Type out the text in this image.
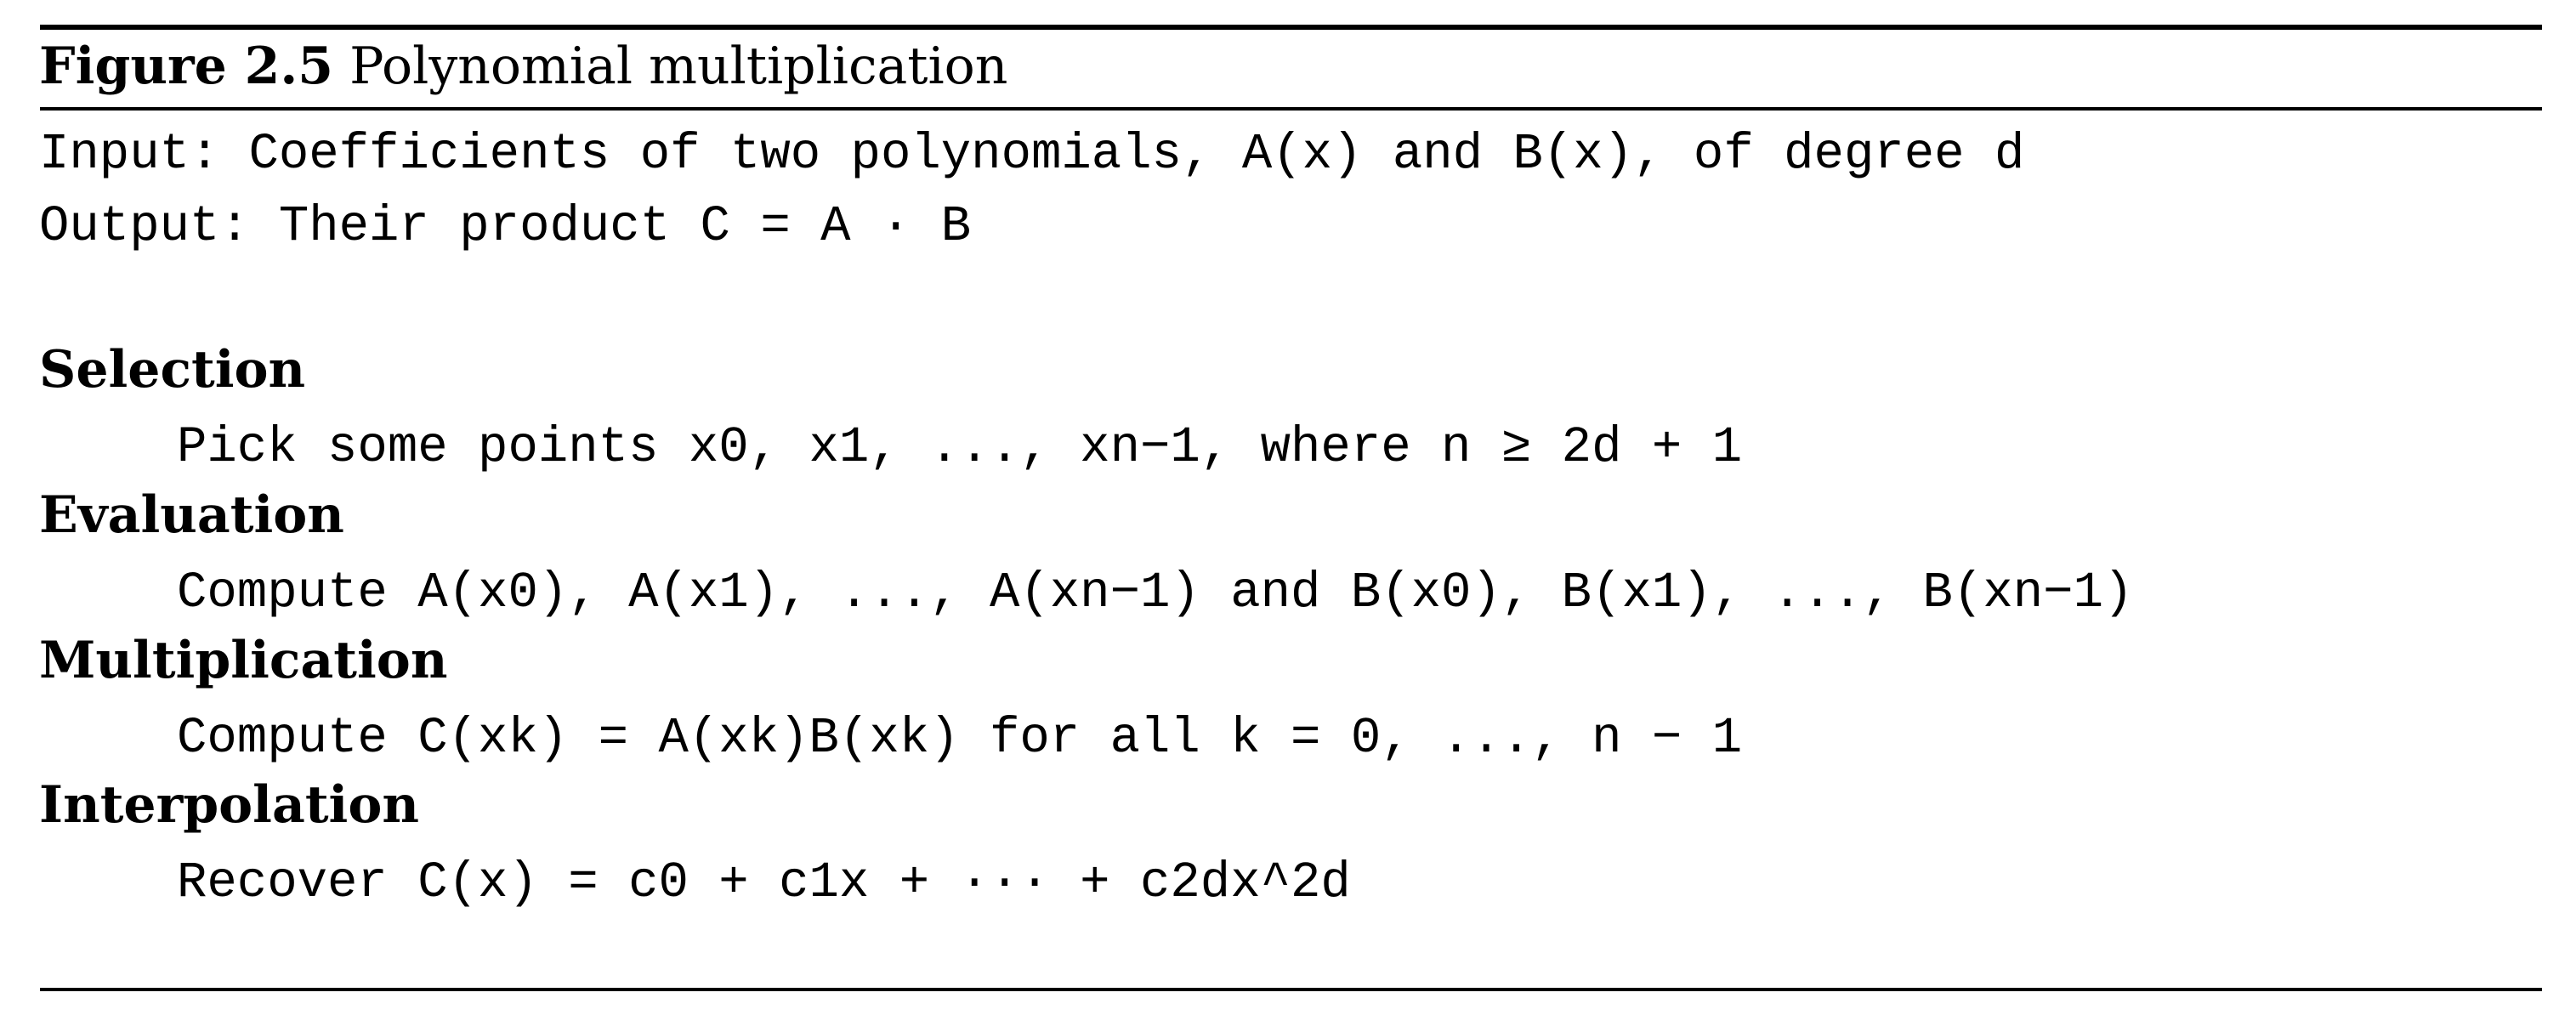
Figure 2.5 Polynomial multiplication
Input: Coefficients of two polynomials, A(x) and B(x), of degree d
Output: Their product C = A · B
Selection
Pick some points x0, x1, ..., xn−1, where n ≥ 2d + 1
Evaluation
Compute A(x0), A(x1), ..., A(xn−1) and B(x0), B(x1), ..., B(xn−1)
Multiplication
Compute C(xk) = A(xk)B(xk) for all k = 0, ..., n − 1
Interpolation
Recover C(x) = c0 + c1x + ··· + c2dx^2d
